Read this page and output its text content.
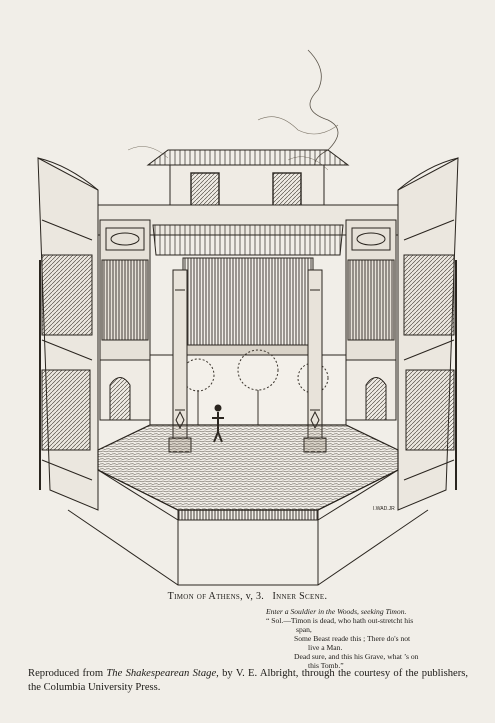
I.WAD.JR
Timon of Athens, v, 3. Inner Scene.
Enter a Souldier in the Woods, seeking Timon.
“ Sol.—Timon is dead, who hath out-stretcht his
span,
Some Beast reade this ; There do's not
live a Man.
Dead sure, and this his Grave, what ’s on
this Tomb.”
Reproduced from The Shakespearean Stage, by V. E. Albright, through the courtesy of the publishers, the Columbia University Press.
